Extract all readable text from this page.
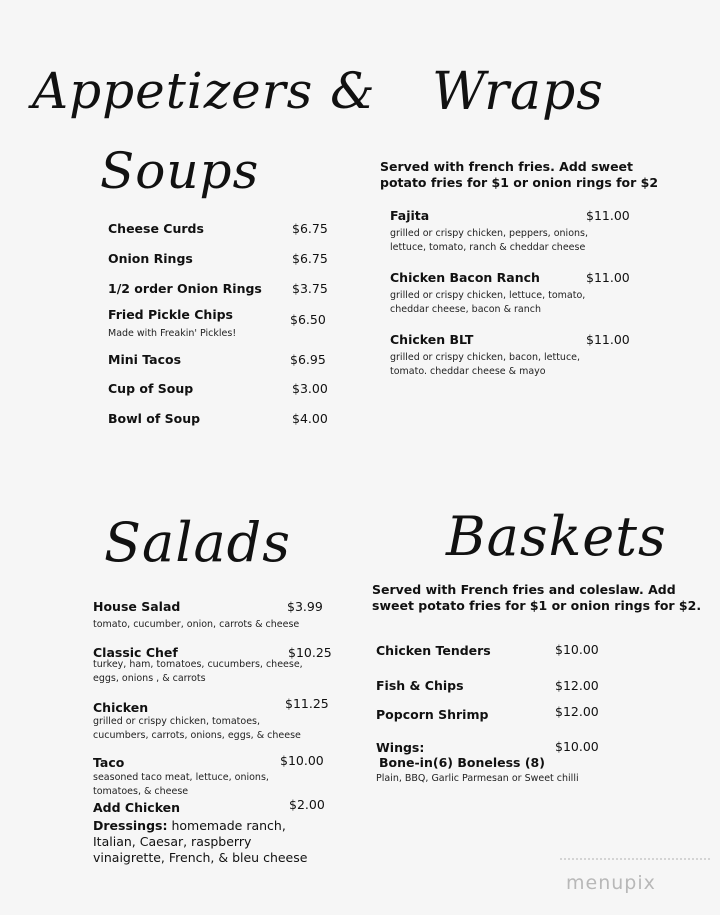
Appetizers &
Soups
Cheese Curds	$6.75
Onion Rings	$6.75
1/2 order Onion Rings $3.75
Fried Pickle Chips	$6.50
Made with Freakin' Pickles!
Mini Tacos	$6.95
Cup of Soup	$3.00
Bowl of Soup	$4.00
Wraps
Served with french fries. Add sweet
potato fries for $1 or onion rings for $2
Fajita	$11.00
grilled or crispy chicken, peppers, onions,
lettuce, tomato, ranch & cheddar cheese
Chicken Bacon Ranch	$11.00
grilled or crispy chicken, lettuce, tomato,
cheddar cheese, bacon & ranch
Chicken BLT	$11.00
grilled or crispy chicken, bacon, lettuce,
tomato. cheddar cheese & mayo
Salads
House Salad	$3.99
tomato, cucumber, onion, carrots & cheese
Classic Chef	$10.25
turkey, ham, tomatoes, cucumbers, cheese,
eggs, onions , & carrots
Chicken	$11.25
grilled or crispy chicken, tomatoes,
cucumbers, carrots, onions, eggs, & cheese
Taco	$10.00
seasoned taco meat, lettuce, onions,
tomatoes, & cheese
Add Chicken	$2.00
Dressings: homemade ranch,
Italian, Caesar, raspberry
vinaigrette, French, & bleu cheese
Baskets
Served with French fries and coleslaw. Add
sweet potato fries for $1 or onion rings for $2.
Chicken Tenders	$10.00
Fish & Chips	$12.00
Popcorn Shrimp	$12.00
Wings:	$10.00
Bone-in(6) Boneless (8)
Plain, BBQ, Garlic Parmesan or Sweet chilli
menupix
